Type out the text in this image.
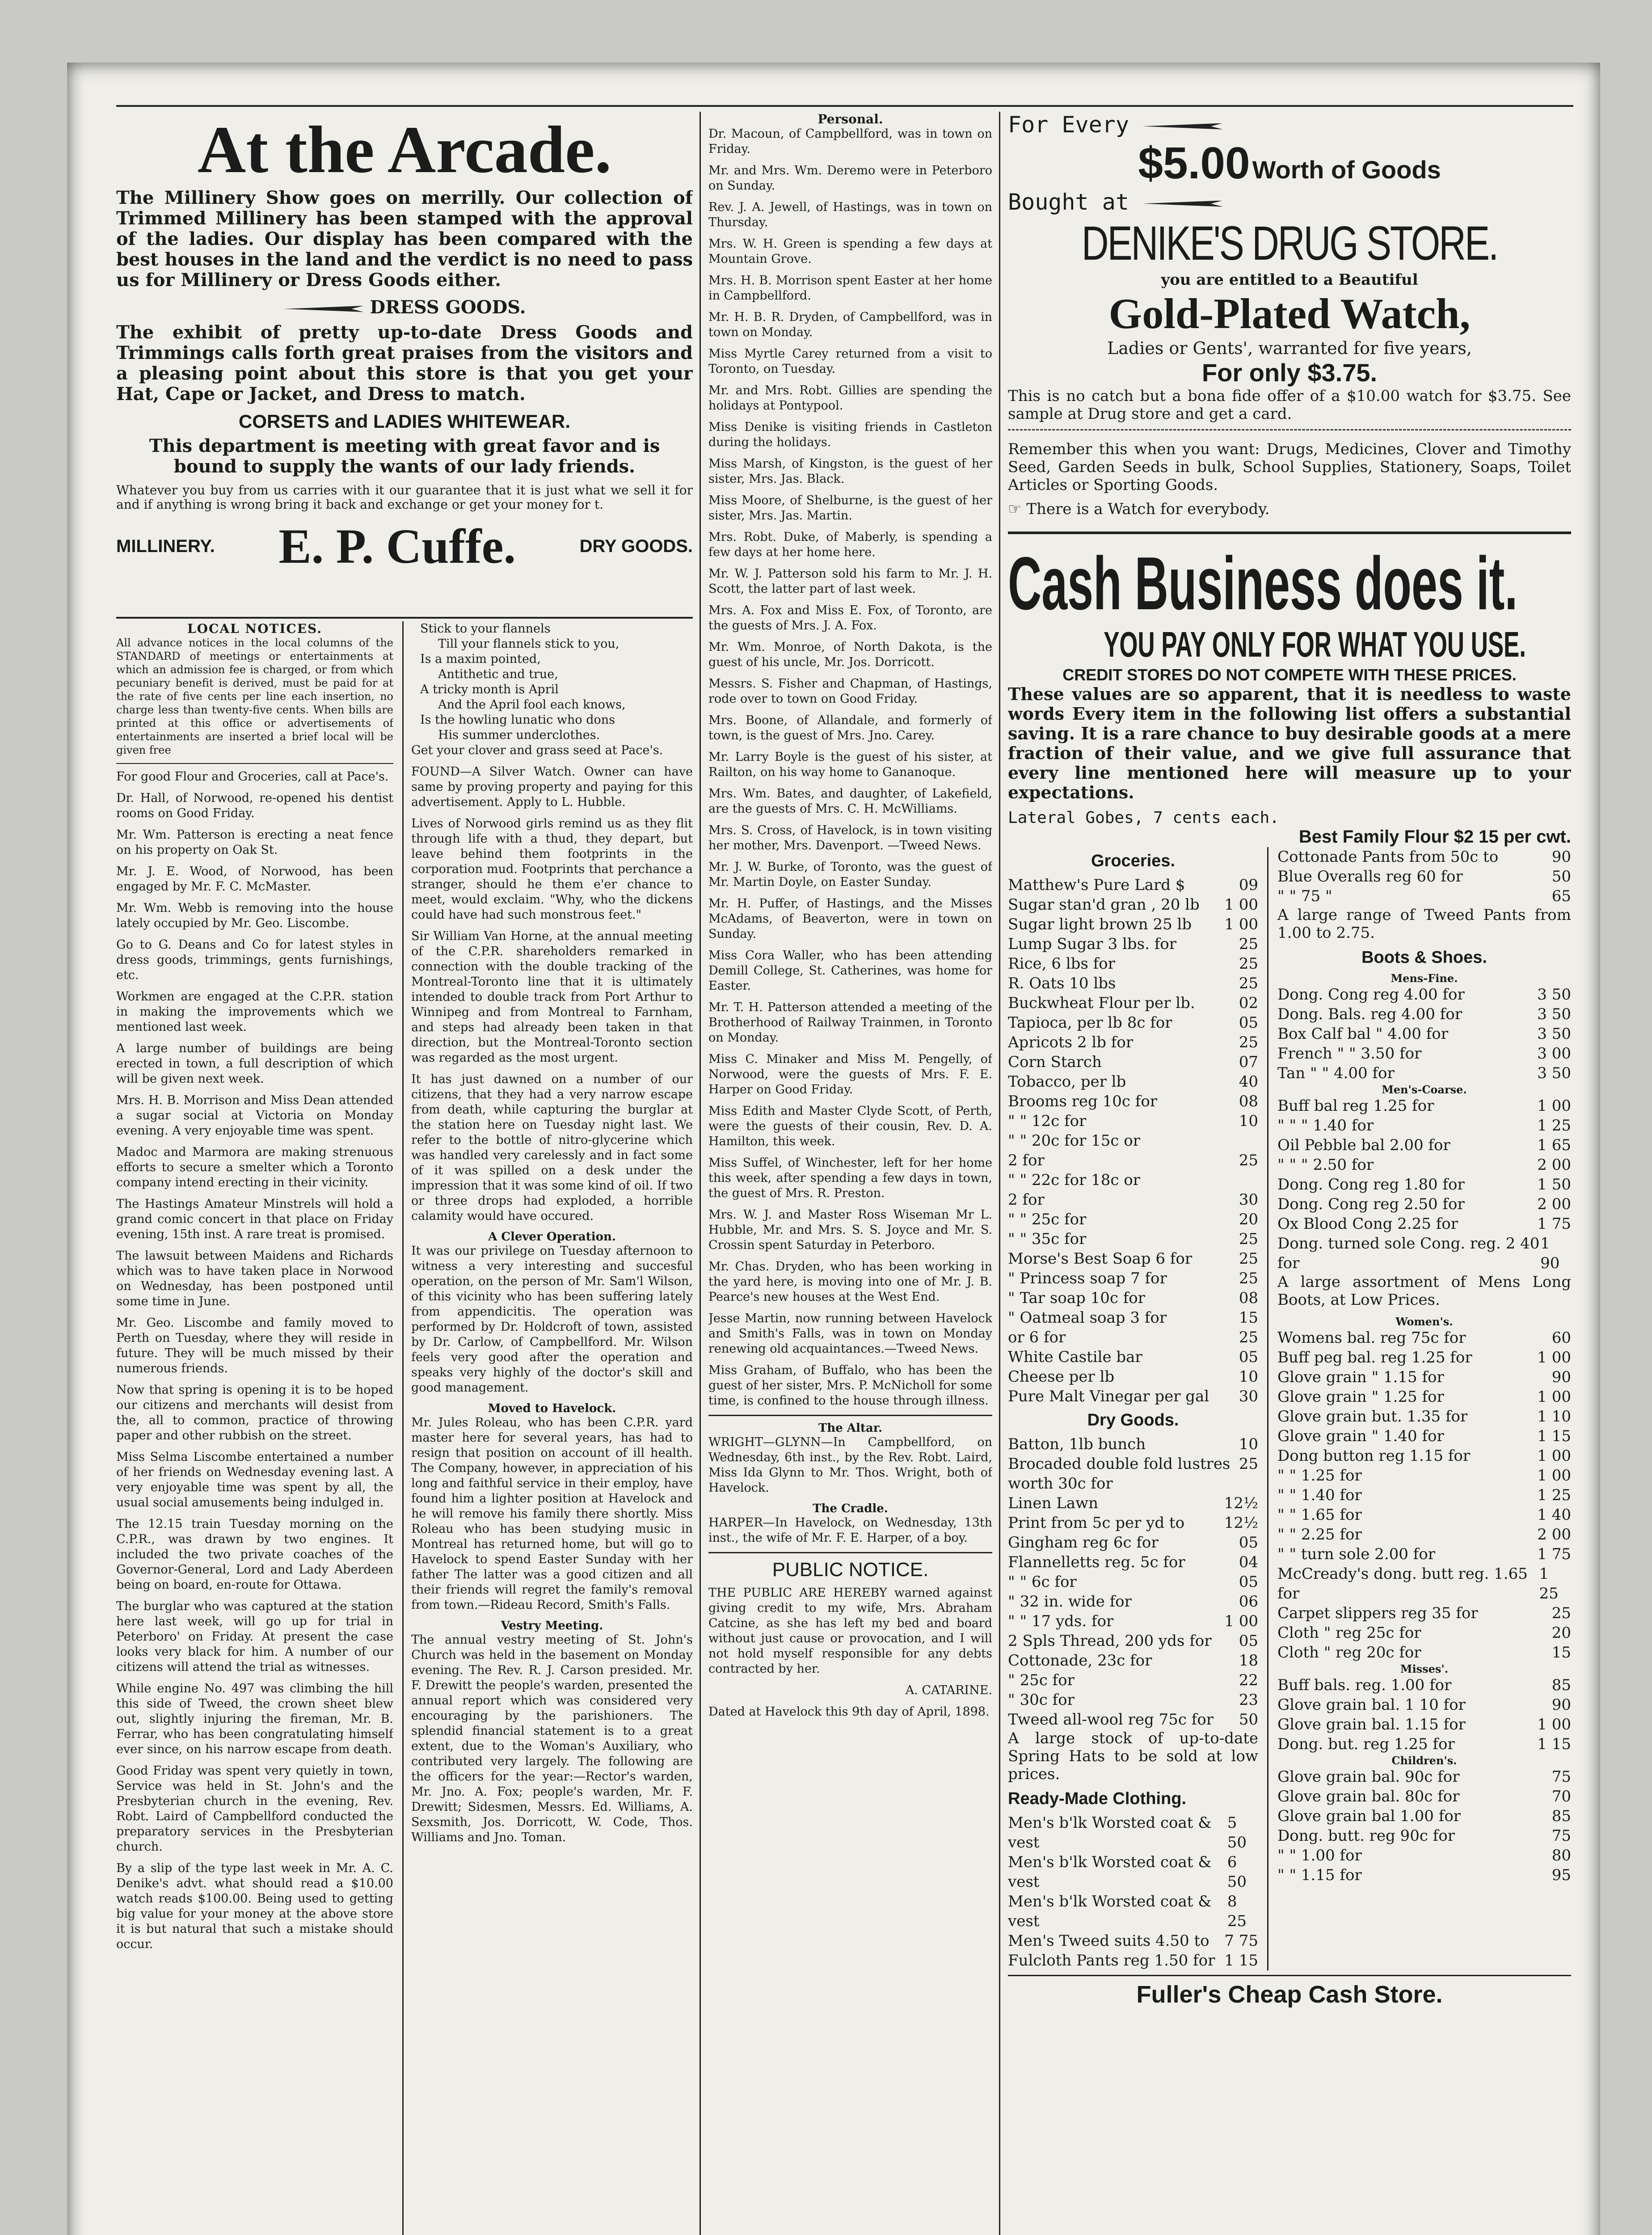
At the Arcade.

The Millinery Show goes on merrilly. Our collection of Trimmed Millinery has been stamped with the approval of the ladies. Our display has been compared with the best houses in the land and the verdict is no need to pass us for Millinery or Dress Goods either.

DRESS GOODS.

The exhibit of pretty up-to-date Dress Goods and Trimmings calls forth great praises from the visitors and a pleasing point about this store is that you get your Hat, Cape or Jacket, and Dress to match.

CORSETS and LADIES WHITEWEAR.

This department is meeting with great favor and is bound to supply the wants of our lady friends.

Whatever you buy from us carries with it our guarantee that it is just what we sell it for and if anything is wrong bring it back and exchange or get your money for t.

MILLINERY. E. P. Cuffe.	DRY GOODS.
LOCAL NOTICES.

All advance notices in the local columns of the STANDARD of meetings or entertainments at which an admission fee is charged, or from which pecuniary benefit is derived, must be paid for at the rate of five cents per line each insertion, no charge less than twenty-five cents. When bills are printed at this office or advertisements of entertainments are inserted a brief local will be given free

For good Flour and Groceries, call at Pace's.

Dr. Hall, of Norwood, re-opened his dentist rooms on Good Friday.

Mr. Wm. Patterson is erecting a neat fence on his property on Oak St.

Mr. J. E. Wood, of Norwood, has been engaged by Mr. F. C. McMaster.

Mr. Wm. Webb is removing into the house lately occupied by Mr. Geo. Liscombe.

Go to G. Deans and Co for latest styles in dress goods, trimmings, gents furnishings, etc.

Workmen are engaged at the C.P.R. station in making the improvements which we mentioned last week.

A large number of buildings are being erected in town, a full description of which will be given next week.

Mrs. H. B. Morrison and Miss Dean attended a sugar social at Victoria on Monday evening. A very enjoyable time was spent.

Madoc and Marmora are making strenuous efforts to secure a smelter which a Toronto company intend erecting in their vicinity.

The Hastings Amateur Minstrels will hold a grand comic concert in that place on Friday evening, 15th inst. A rare treat is promised.

The lawsuit between Maidens and Richards which was to have taken place in Norwood on Wednesday, has been postponed until some time in June.

Mr. Geo. Liscombe and family moved to Perth on Tuesday, where they will reside in future. They will be much missed by their numerous friends.

Now that spring is opening it is to be hoped our citizens and merchants will desist from the, all to common, practice of throwing paper and other rubbish on the street.

Miss Selma Liscombe entertained a number of her friends on Wednesday evening last. A very enjoyable time was spent by all, the usual social amusements being indulged in.

The 12.15 train Tuesday morning on the C.P.R., was drawn by two engines. It included the two private coaches of the Governor-General, Lord and Lady Aberdeen being on board, en-route for Ottawa.

The burglar who was captured at the station here last week, will go up for trial in Peterboro' on Friday. At present the case looks very black for him. A number of our citizens will attend the trial as witnesses.

While engine No. 497 was climbing the hill this side of Tweed, the crown sheet blew out, slightly injuring the fireman, Mr. B. Ferrar, who has been congratulating himself ever since, on his narrow escape from death.

Good Friday was spent very quietly in town, Service was held in St. John's and the Presbyterian church in the evening, Rev. Robt. Laird of Campbellford conducted the preparatory services in the Presbyterian church.

By a slip of the type last week in Mr. A. C. Denike's advt. what should read a $10.00 watch reads $100.00. Being used to getting big value for your money at the above store it is but natural that such a mistake should occur.

Stick to your flannels
Till your flannels stick to you,
Is a maxim pointed,
Antithetic and true,
A tricky month is April
And the April fool each knows,
Is the howling lunatic who dons
His summer underclothes.

Get your clover and grass seed at Pace's.

FOUND—A Silver Watch. Owner can have same by proving property and paying for this advertisement. Apply to L. Hubble.

Lives of Norwood girls remind us as they flit through life with a thud, they depart, but leave behind them footprints in the corporation mud. Footprints that perchance a stranger, should he them e'er chance to meet, would exclaim. "Why, who the dickens could have had such monstrous feet."

Sir William Van Horne, at the annual meeting of the C.P.R. shareholders remarked in connection with the double tracking of the Montreal-Toronto line that it is ultimately intended to double track from Port Arthur to Winnipeg and from Montreal to Farnham, and steps had already been taken in that direction, but the Montreal-Toronto section was regarded as the most urgent.

It has just dawned on a number of our citizens, that they had a very narrow escape from death, while capturing the burglar at the station here on Tuesday night last. We refer to the bottle of nitro-glycerine which was handled very carelessly and in fact some of it was spilled on a desk under the impression that it was some kind of oil. If two or three drops had exploded, a horrible calamity would have occured.

A Clever Operation.

It was our privilege on Tuesday afternoon to witness a very interesting and succesful operation, on the person of Mr. Sam'l Wilson, of this vicinity who has been suffering lately from appendicitis. The operation was performed by Dr. Holdcroft of town, assisted by Dr. Carlow, of Campbellford. Mr. Wilson feels very good after the operation and speaks very highly of the doctor's skill and good management.

Moved to Havelock.

Mr. Jules Roleau, who has been C.P.R. yard master here for several years, has had to resign that position on account of ill health. The Company, however, in appreciation of his long and faithful service in their employ, have found him a lighter position at Havelock and he will remove his family there shortly. Miss Roleau who has been studying music in Montreal has returned home, but will go to Havelock to spend Easter Sunday with her father The latter was a good citizen and all their friends will regret the family's removal from town.—Rideau Record, Smith's Falls.

Vestry Meeting.

The annual vestry meeting of St. John's Church was held in the basement on Monday evening. The Rev. R. J. Carson presided. Mr. F. Drewitt the people's warden, presented the annual report which was considered very encouraging by the parishioners. The splendid financial statement is to a great extent, due to the Woman's Auxiliary, who contributed very largely. The following are the officers for the year:—Rector's warden, Mr. Jno. A. Fox; people's warden, Mr. F. Drewitt; Sidesmen, Messrs. Ed. Williams, A. Sexsmith, Jos. Dorricott, W. Code, Thos. Williams and Jno. Toman.

Personal.

Dr. Macoun, of Campbellford, was in town on Friday.

Mr. and Mrs. Wm. Deremo were in Peterboro on Sunday.

Rev. J. A. Jewell, of Hastings, was in town on Thursday.

Mrs. W. H. Green is spending a few days at Mountain Grove.

Mrs. H. B. Morrison spent Easter at her home in Campbellford.

Mr. H. B. R. Dryden, of Campbellford, was in town on Monday.

Miss Myrtle Carey returned from a visit to Toronto, on Tuesday.

Mr. and Mrs. Robt. Gillies are spending the holidays at Pontypool.

Miss Denike is visiting friends in Castleton during the holidays.

Miss Marsh, of Kingston, is the guest of her sister, Mrs. Jas. Black.

Miss Moore, of Shelburne, is the guest of her sister, Mrs. Jas. Martin.

Mrs. Robt. Duke, of Maberly, is spending a few days at her home here.

Mr. W. J. Patterson sold his farm to Mr. J. H. Scott, the latter part of last week.

Mrs. A. Fox and Miss E. Fox, of Toronto, are the guests of Mrs. J. A. Fox.

Mr. Wm. Monroe, of North Dakota, is the guest of his uncle, Mr. Jos. Dorricott.

Messrs. S. Fisher and Chapman, of Hastings, rode over to town on Good Friday.

Mrs. Boone, of Allandale, and formerly of town, is the guest of Mrs. Jno. Carey.

Mr. Larry Boyle is the guest of his sister, at Railton, on his way home to Gananoque.

Mrs. Wm. Bates, and daughter, of Lakefield, are the guests of Mrs. C. H. McWilliams.

Mrs. S. Cross, of Havelock, is in town visiting her mother, Mrs. Davenport. —Tweed News.

Mr. J. W. Burke, of Toronto, was the guest of Mr. Martin Doyle, on Easter Sunday.

Mr. H. Puffer, of Hastings, and the Misses McAdams, of Beaverton, were in town on Sunday.

Miss Cora Waller, who has been attending Demill College, St. Catherines, was home for Easter.

Mr. T. H. Patterson attended a meeting of the Brotherhood of Railway Trainmen, in Toronto on Monday.

Miss C. Minaker and Miss M. Pengelly, of Norwood, were the guests of Mrs. F. E. Harper on Good Friday.

Miss Edith and Master Clyde Scott, of Perth, were the guests of their cousin, Rev. D. A. Hamilton, this week.

Miss Suffel, of Winchester, left for her home this week, after spending a few days in town, the guest of Mrs. R. Preston.

Mrs. W. J. and Master Ross Wiseman Mr L. Hubble, Mr. and Mrs. S. S. Joyce and Mr. S. Crossin spent Saturday in Peterboro.

Mr. Chas. Dryden, who has been working in the yard here, is moving into one of Mr. J. B. Pearce's new houses at the West End.

Jesse Martin, now running between Havelock and Smith's Falls, was in town on Monday renewing old acquaintances.—Tweed News.

Miss Graham, of Buffalo, who has been the guest of her sister, Mrs. P. McNicholl for some time, is confined to the house through illness.

The Altar.

WRIGHT—GLYNN—In Campbellford, on Wednesday, 6th inst., by the Rev. Robt. Laird, Miss Ida Glynn to Mr. Thos. Wright, both of Havelock.

The Cradle.

HARPER—In Havelock, on Wednesday, 13th inst., the wife of Mr. F. E. Harper, of a boy.

PUBLIC NOTICE.

THE PUBLIC ARE HEREBY warned against giving credit to my wife, Mrs. Abraham Catcine, as she has left my bed and board without just cause or provocation, and I will not hold myself responsible for any debts contracted by her.

A. CATARINE.

Dated at Havelock this 9th day of April, 1898.

For Every
$5.00 Worth of Goods
Bought at
DENIKE'S DRUG STORE.
you are entitled to a Beautiful
Gold-Plated Watch,
Ladies or Gents', warranted for five years,
For only $3.75.

This is no catch but a bona fide offer of a $10.00 watch for $3.75. See sample at Drug store and get a card.

Remember this when you want: Drugs, Medicines, Clover and Timothy Seed, Garden Seeds in bulk, School Supplies, Stationery, Soaps, Toilet Articles or Sporting Goods.

☞ There is a Watch for everybody.

Cash Business does it.
YOU PAY ONLY FOR WHAT YOU USE.
CREDIT STORES DO NOT COMPETE WITH THESE PRICES.

These values are so apparent, that it is needless to waste words Every item in the following list offers a substantial saving. It is a rare chance to buy desirable goods at a mere fraction of their value, and we give full assurance that every line mentioned here will measure up to your expectations.

Lateral Gobes, 7 cents each.
Best Family Flour $2 15 per cwt.
Groceries.
Matthew's Pure Lard $	09
Sugar stan'd gran , 20 lb 1 00
Sugar light brown 25 lb 1 00
Lump Sugar 3 lbs. for	25
Rice, 6 lbs for	25
R. Oats 10 lbs	25
Buckwheat Flour per lb.	02
Tapioca, per lb 8c for	05
Apricots 2 lb for	25
Corn Starch	07
Tobacco, per lb	40
Brooms reg 10c for	08
" " 12c for	10
" " 20c for 15c or
2 for	25
" " 22c for 18c or
2 for	30
" " 25c for	20
" " 35c for	25
Morse's Best Soap 6 for	25
" Princess soap 7 for	25
" Tar soap 10c for	08
" Oatmeal soap 3 for	15
or 6 for	25
White Castile bar	05
Cheese per lb	10
Pure Malt Vinegar per gal 30
Dry Goods.
Batton, 1lb bunch	10
Brocaded double fold lustres worth 30c for
25
Linen Lawn	12½
Print from 5c per yd to	12½
Gingham reg 6c for	05
Flannelletts reg. 5c for	04
" " 6c for	05
" 32 in. wide for	06
" " 17 yds. for	1 00
2 Spls Thread, 200 yds for 05
Cottonade, 23c for	18
" 25c for	22
" 30c for	23
Tweed all-wool reg 75c for 50

A large stock of up-to-date Spring Hats to be sold at low prices.

Ready-Made Clothing.
Men's b'lk Worsted coat & vest
5 50
Men's b'lk Worsted coat & vest
6 50
Men's b'lk Worsted coat & vest
8 25
Men's Tweed suits 4.50 to 7 75
Fulcloth Pants reg 1.50 for 1 15
Cottonade Pants from 50c to	90
Blue Overalls reg 60 for	50
" " 75 "	65

A large range of Tweed Pants from 1.00 to 2.75.

Boots & Shoes.
Mens-Fine.
Dong. Cong reg 4.00 for	3 50
Dong. Bals. reg 4.00 for	3 50
Box Calf bal " 4.00 for	3 50
French " " 3.50 for	3 00
Tan " " 4.00 for	3 50
Men's-Coarse.
Buff bal reg 1.25 for	1 00
" " " 1.40 for	1 25
Oil Pebble bal 2.00 for	1 65
" " " 2.50 for	2 00
Dong. Cong reg 1.80 for	1 50
Dong. Cong reg 2.50 for	2 00
Ox Blood Cong 2.25 for	1 75
Dong. turned sole Cong. reg. 2 40 for
1 90

A large assortment of Mens Long Boots, at Low Prices.

Women's.
Womens bal. reg 75c for	60
Buff peg bal. reg 1.25 for	1 00
Glove grain " 1.15 for	90
Glove grain " 1.25 for	1 00
Glove grain but. 1.35 for	1 10
Glove grain " 1.40 for	1 15
Dong button reg 1.15 for	1 00
" " 1.25 for	1 00
" " 1.40 for	1 25
" " 1.65 for	1 40
" " 2.25 for	2 00
" " turn sole 2.00 for	1 75
McCready's dong. butt reg. 1.65 for
1 25
Carpet slippers reg 35 for	25
Cloth " reg 25c for	20
Cloth " reg 20c for	15
Misses'.
Buff bals. reg. 1.00 for	85
Glove grain bal. 1 10 for	90
Glove grain bal. 1.15 for	1 00
Dong. but. reg 1.25 for	1 15
Children's.
Glove grain bal. 90c for	75
Glove grain bal. 80c for	70
Glove grain bal 1.00 for	85
Dong. butt. reg 90c for	75
" " 1.00 for	80
" " 1.15 for	95
Fuller's Cheap Cash Store.
